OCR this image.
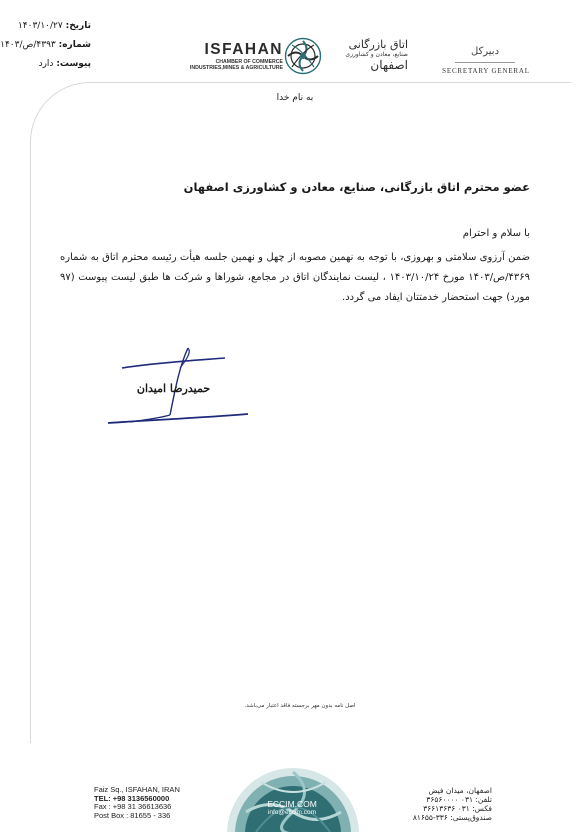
تاریخ: ۱۴۰۳/۱۰/۲۷
شماره: ۴۳۹۳/ص/۱۴۰۳
پیوست: دارد
ISFAHAN
CHAMBER OF COMMERCE
INDUSTRIES,MINES & AGRICULTURE
اتاق بازرگانی
صنایع، معادن و کشاورزی
اصفهان
دبیرکل
SECRETARY GENERAL
به نام خدا
عضو محترم اتاق بازرگانی، صنایع، معادن و کشاورزی اصفهان
با سلام و احترام
ضمن آرزوی سلامتی و بهروزی، با توجه به نهمین مصوبه از چهل و نهمین جلسه هیأت رئیسه محترم اتاق به شماره ۴۳۶۹/ص/۱۴۰۳ مورخ ۱۴۰۳/۱۰/۲۴ ، لیست نمایندگان اتاق در مجامع، شوراها و شرکت ها طبق لیست پیوست (۹۷ مورد) جهت استحضار خدمتتان ایفاد می گردد.
حمیدرضا امیدان
اصل نامه بدون مهر برجسته فاقد اعتبار می‌باشد.
Faiz Sq., ISFAHAN, IRAN
TEL: +98 3136560000
Fax : +98 31 36613636
Post Box : 81655 - 336
ECCIM.COM
info@eccim.com
اصفهان، میدان فیض
تلفن: ۰۳۱ ۳۶۵۶۰۰۰۰
فکس: ۰۳۱ ۳۶۶۱۳۶۳۶
صندوق‌پستی: ۳۳۶-۸۱۶۵۵
